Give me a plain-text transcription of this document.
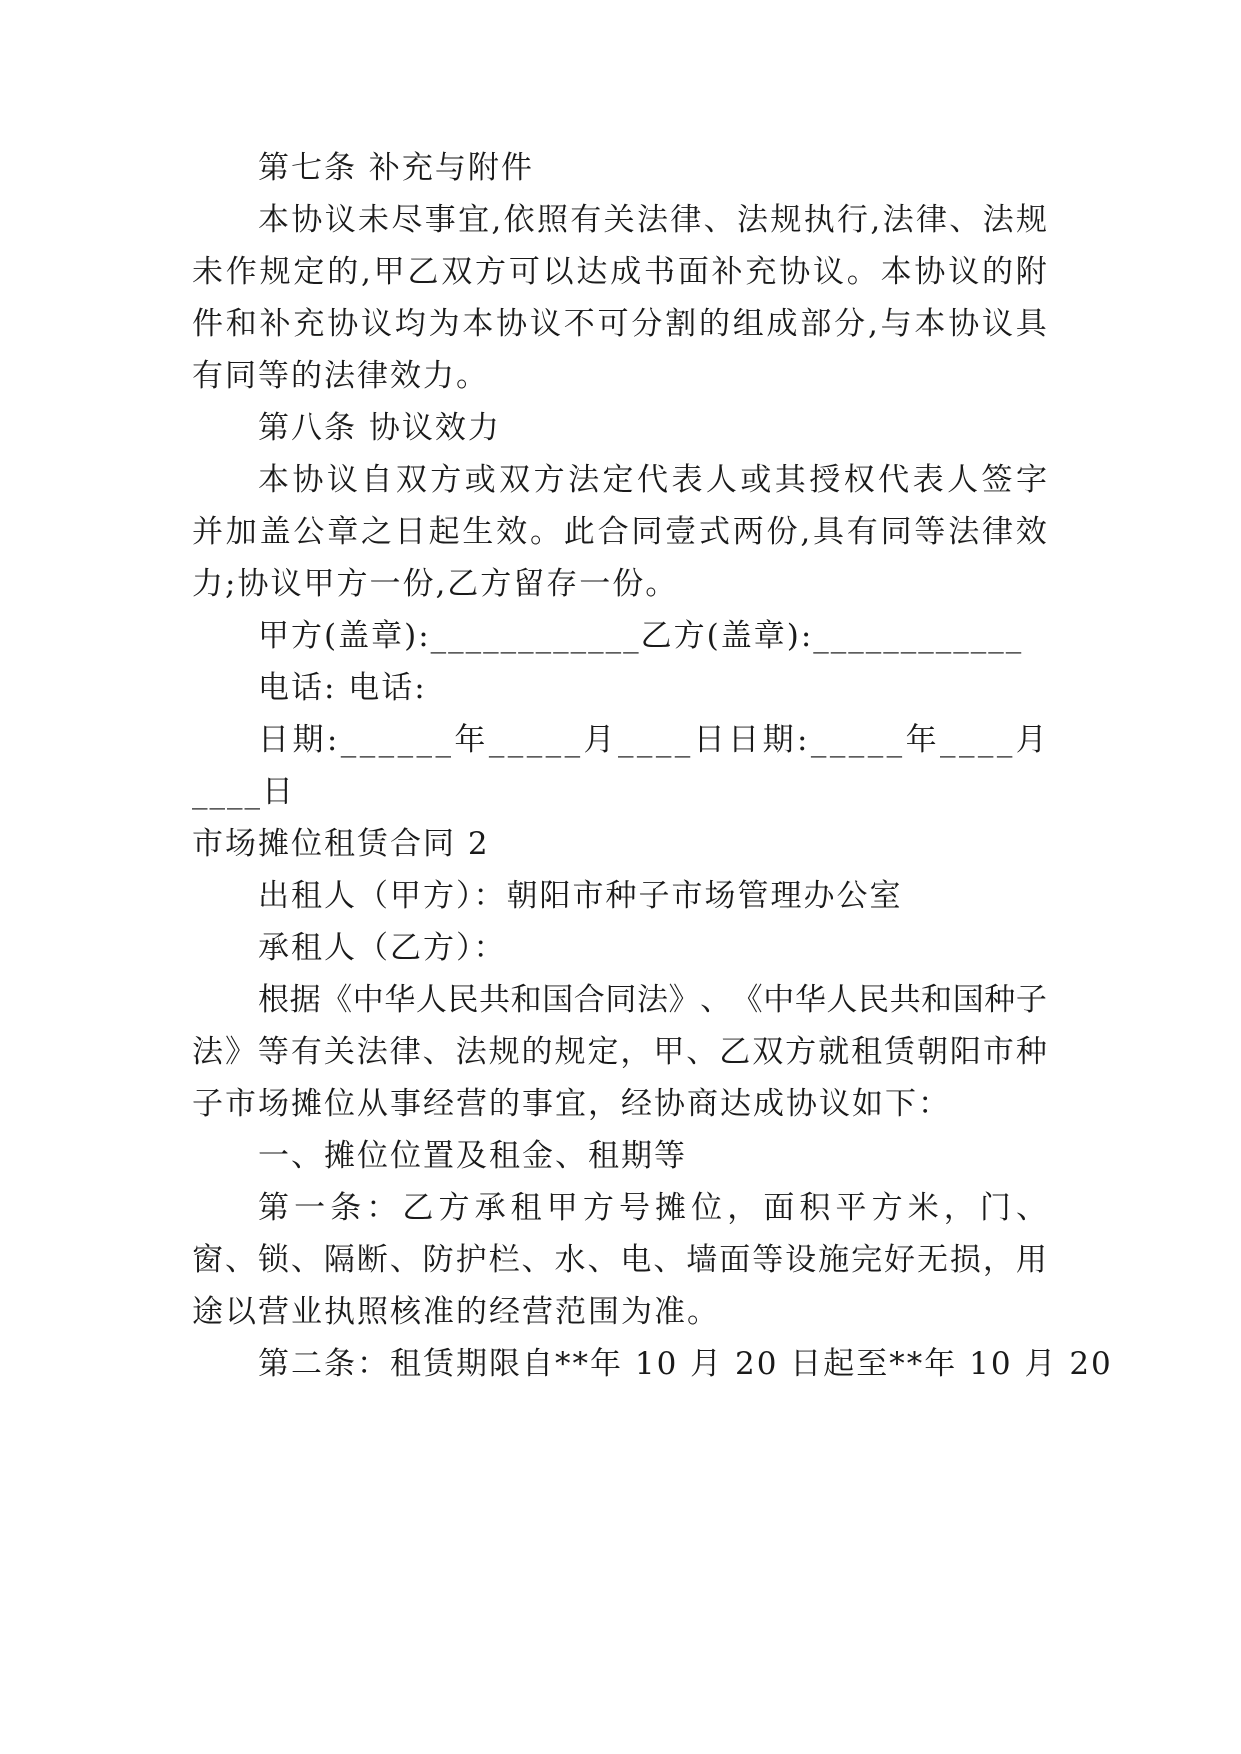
第七条 补充与附件
本 协 议 未 尽 事 宜 , 依 照 有 关 法 律 、 法 规 执 行 , 法 律 、 法 规
未 作 规 定 的 , 甲 乙 双 方 可 以 达 成 书 面 补 充 协 议 。 本 协 议 的 附
件 和 补 充 协 议 均 为 本 协 议 不 可 分 割 的 组 成 部 分 , 与 本 协 议 具
有同等的法律效力。
第八条 协议效力
本 协 议 自 双 方 或 双 方 法 定 代 表 人 或 其 授 权 代 表 人 签 字
并 加 盖 公 章 之 日 起 生 效 。 此 合 同 壹 式 两 份 , 具 有 同 等 法 律 效
力;协议甲方一份,乙方留存一份。
甲方(盖章):____________乙方(盖章):____________
电话: 电话:
日 期 : _ _ _ _ _ _ 年 _ _ _ _ _ 月 _ _ _ _ 日 日 期 : _ _ _ _ _ 年 _ _ _ _ 月
____日
市场摊位租赁合同 2
出租人（甲方）：朝阳市种子市场管理办公室
承租人（乙方）：
根 据 《 中 华 人 民 共 和 国 合 同 法 》 、 《 中 华 人 民 共 和 国 种 子
法 》 等 有 关 法 律 、 法 规 的 规 定 ， 甲 、 乙 双 方 就 租 赁 朝 阳 市 种
子市场摊位从事经营的事宜，经协商达成协议如下：
一、摊位位置及租金、租期等
第 一 条 ： 乙 方 承 租 甲 方 号 摊 位 ， 面 积 平 方 米 ， 门 、
窗 、 锁 、 隔 断 、 防 护 栏 、 水 、 电 、 墙 面 等 设 施 完 好 无 损 ， 用
途以营业执照核准的经营范围为准。
第二条：租赁期限自**年 10 月 20 日起至**年 10 月 20
